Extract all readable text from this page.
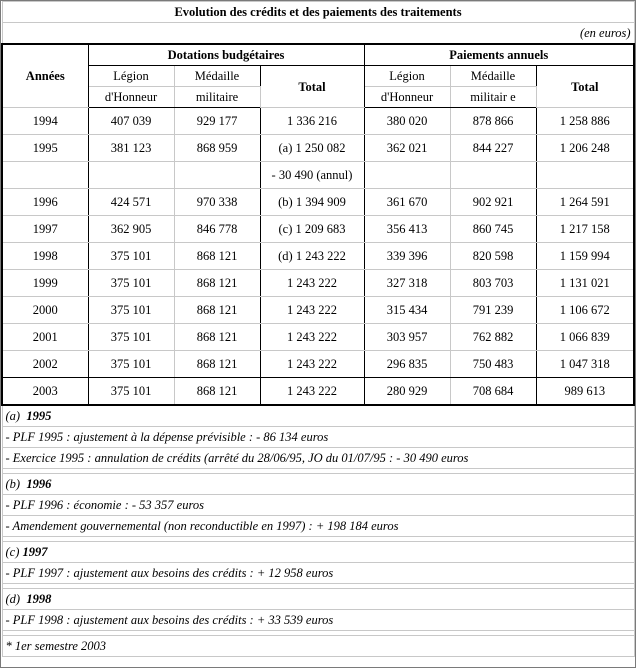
Evolution des crédits et des paiements des traitements						
(en euros)						
Années	Dotations budgétaires			Paiements annuels		
	Légion	Médaille	Total	Légion	Médaille	Total
	d'Honneur	militaire		d'Honneur	militair e	
1994	407 039	929 177	1 336 216	380 020	878 866	1 258 886
1995	381 123	868 959	(a) 1 250 082	362 021	844 227	1 206 248
			- 30 490 (annul)			
1996	424 571	970 338	(b) 1 394 909	361 670	902 921	1 264 591
1997	362 905	846 778	(c) 1 209 683	356 413	860 745	1 217 158
1998	375 101	868 121	(d) 1 243 222	339 396	820 598	1 159 994
1999	375 101	868 121	1 243 222	327 318	803 703	1 131 021
2000	375 101	868 121	1 243 222	315 434	791 239	1 106 672
2001	375 101	868 121	1 243 222	303 957	762 882	1 066 839
2002	375 101	868 121	1 243 222	296 835	750 483	1 047 318
2003	375 101	868 121	1 243 222	280 929	708 684	989 613
(a) 1995						
- PLF 1995 : ajustement à la dépense prévisible : - 86 134 euros						
- Exercice 1995 : annulation de crédits (arrêté du 28/06/95, JO du 01/07/95 : - 30 490 euros						

(b) 1996						
- PLF 1996 : économie : - 53 357 euros						
- Amendement gouvernemental (non reconductible en 1997) : + 198 184 euros						

(c) 1997						
- PLF 1997 : ajustement aux besoins des crédits : + 12 958 euros						

(d) 1998						
- PLF 1998 : ajustement aux besoins des crédits : + 33 539 euros						

* 1er semestre 2003						
